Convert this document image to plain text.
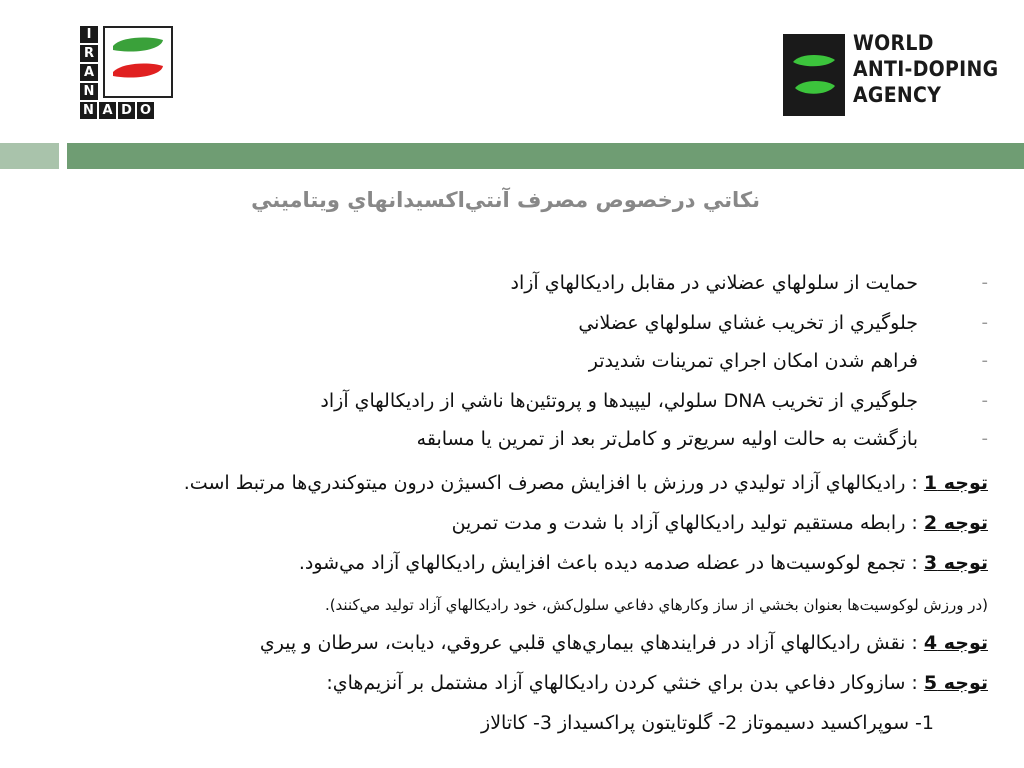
I
R
A
N
N A D O
WORLD
ANTI-DOPING
AGENCY
نكاتي درخصوص مصرف آنتي‌اكسيدانهاي ويتاميني
-
حمايت از سلولهاي عضلاني در مقابل راديكالهاي آزاد
-
جلوگيري از تخريب غشاي سلولهاي عضلاني
-
فراهم شدن امكان اجراي تمرينات شديدتر
-
جلوگيري از تخريب DNA سلولي، ليپيدها و پروتئين‌ها ناشي از راديكالهاي آزاد
-
بازگشت به حالت اوليه سريع‌تر و كامل‌تر بعد از تمرين يا مسابقه
توجه 1 : راديكالهاي آزاد توليدي در ورزش با افزايش مصرف اكسيژن درون ميتوكندري‌ها مرتبط است.
توجه 2 : رابطه مستقيم توليد راديكالهاي آزاد با شدت و مدت تمرين
توجه 3 : تجمع لوكوسيت‌ها در عضله صدمه ديده باعث افزايش راديكالهاي آزاد مي‌شود.
(در ورزش لوكوسيت‌ها بعنوان بخشي از ساز وكارهاي دفاعي سلول‌كش، خود راديكالهاي آزاد توليد مي‌كنند).
توجه 4 : نقش راديكالهاي آزاد در فرايندهاي بيماري‌هاي قلبي عروقي، ديابت، سرطان و پيري
توجه 5 : سازوكار دفاعي بدن براي خنثي كردن راديكالهاي آزاد مشتمل بر آنزيم‌هاي:
1- سوپراكسيد دسيموتاز 2- گلوتايتون پراكسيداز 3- كاتالاز
